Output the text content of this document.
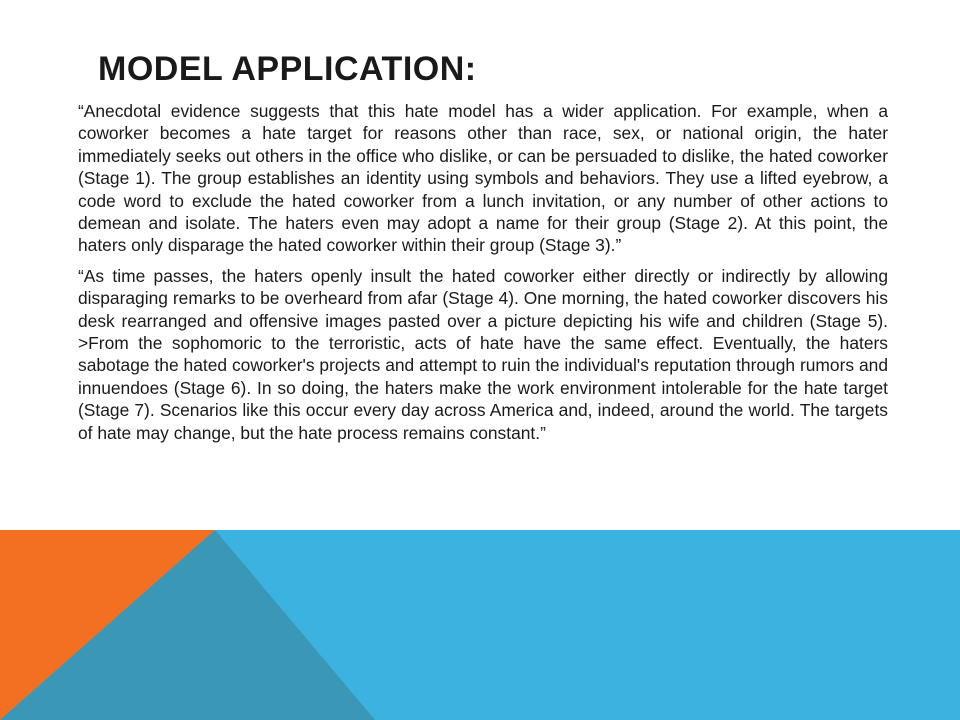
MODEL APPLICATION:

“Anecdotal evidence suggests that this hate model has a wider application. For example, when a coworker becomes a hate target for reasons other than race, sex, or national origin, the hater immediately seeks out others in the office who dislike, or can be persuaded to dislike, the hated coworker (Stage 1). The group establishes an identity using symbols and behaviors. They use a lifted eyebrow, a code word to exclude the hated coworker from a lunch invitation, or any number of other actions to demean and isolate. The haters even may adopt a name for their group (Stage 2). At this point, the haters only disparage the hated coworker within their group (Stage 3).”

“As time passes, the haters openly insult the hated coworker either directly or indirectly by allowing disparaging remarks to be overheard from afar (Stage 4). One morning, the hated coworker discovers his desk rearranged and offensive images pasted over a picture depicting his wife and children (Stage 5). >From the sophomoric to the terroristic, acts of hate have the same effect. Eventually, the haters sabotage the hated coworker's projects and attempt to ruin the individual's reputation through rumors and innuendoes (Stage 6). In so doing, the haters make the work environment intolerable for the hate target (Stage 7). Scenarios like this occur every day across America and, indeed, around the world. The targets of hate may change, but the hate process remains constant.”
